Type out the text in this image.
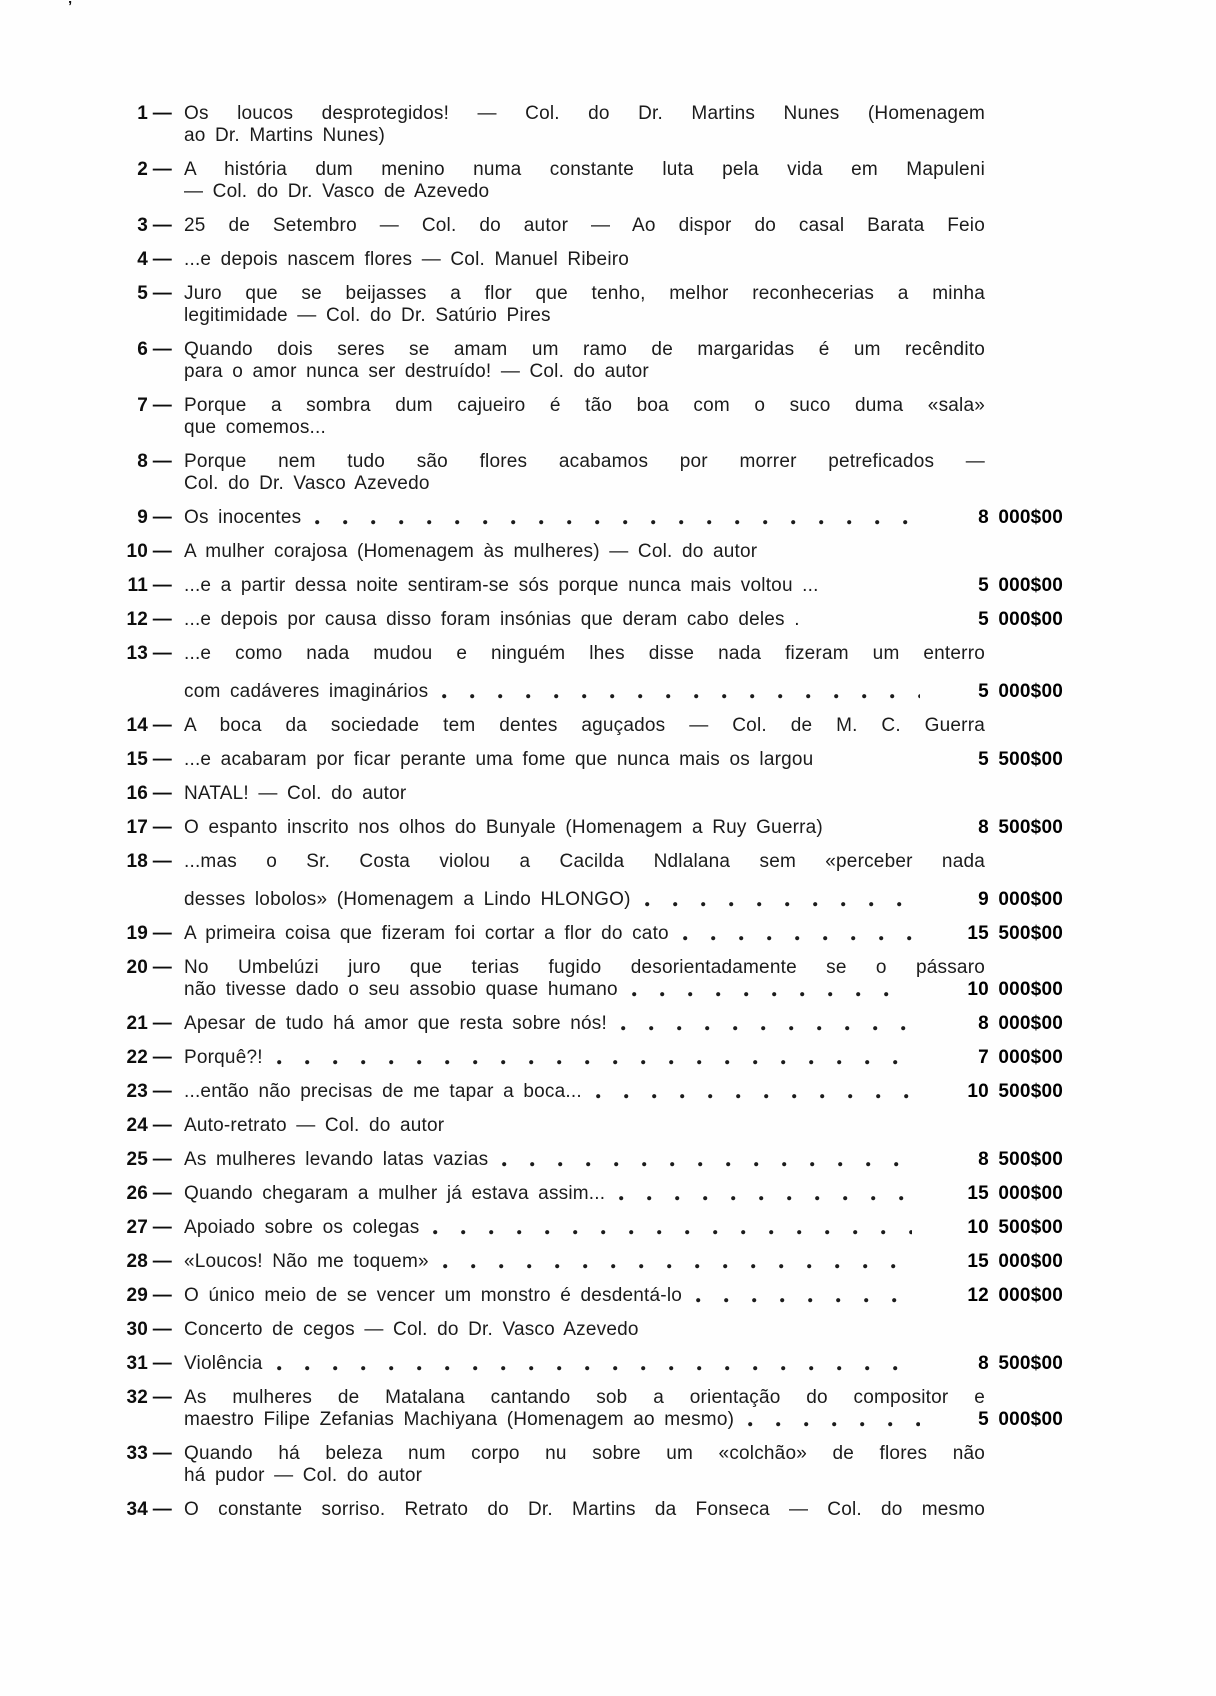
’
1 — Os loucos desprotegidos! — Col. do Dr. Martins Nunes (Homenagem
ao Dr. Martins Nunes)
2 — A história dum menino numa constante luta pela vida em Mapuleni
— Col. do Dr. Vasco de Azevedo
3 — 25 de Setembro — Col. do autor — Ao dispor do casal Barata Feio
4 — ...e depois nascem flores — Col. Manuel Ribeiro
5 — Juro que se beijasses a flor que tenho, melhor reconhecerias a minha
legitimidade — Col. do Dr. Satúrio Pires
6 — Quando dois seres se amam um ramo de margaridas é um recêndito
para o amor nunca ser destruído! — Col. do autor
7 — Porque a sombra dum cajueiro é tão boa com o suco duma «sala»
que comemos...
8 — Porque nem tudo são flores acabamos por morrer petreficados —
Col. do Dr. Vasco Azevedo
9 — Os inocentes	8 000$00
10 — A mulher corajosa (Homenagem às mulheres) — Col. do autor
11 — ...e a partir dessa noite sentiram-se sós porque nunca mais voltou ...	5 000$00
12 — ...e depois por causa disso foram insónias que deram cabo deles .	5 000$00
13 — ...e como nada mudou e ninguém lhes disse nada fizeram um enterro
com cadáveres imaginários	5 000$00
14 — A boca da sociedade tem dentes aguçados — Col. de M. C. Guerra
15 — ...e acabaram por ficar perante uma fome que nunca mais os largou	5 500$00
16 — NATAL! — Col. do autor
17 — O espanto inscrito nos olhos do Bunyale (Homenagem a Ruy Guerra)	8 500$00
18 — ...mas o Sr. Costa violou a Cacilda Ndlalana sem «perceber nada
desses lobolos» (Homenagem a Lindo HLONGO)	9 000$00
19 — A primeira coisa que fizeram foi cortar a flor do cato	15 500$00
20 — No Umbelúzi juro que terias fugido desorientadamente se o pássaro
não tivesse dado o seu assobio quase humano	10 000$00
21 — Apesar de tudo há amor que resta sobre nós!	8 000$00
22 — Porquê?!	7 000$00
23 — ...então não precisas de me tapar a boca...	10 500$00
24 — Auto-retrato — Col. do autor
25 — As mulheres levando latas vazias	8 500$00
26 — Quando chegaram a mulher já estava assim...	15 000$00
27 — Apoiado sobre os colegas	10 500$00
28 — «Loucos! Não me toquem»	15 000$00
29 — O único meio de se vencer um monstro é desdentá-lo	12 000$00
30 — Concerto de cegos — Col. do Dr. Vasco Azevedo
31 — Violência	8 500$00
32 — As mulheres de Matalana cantando sob a orientação do compositor e
maestro Filipe Zefanias Machiyana (Homenagem ao mesmo)	5 000$00
33 — Quando há beleza num corpo nu sobre um «colchão» de flores não
há pudor — Col. do autor
34 — O constante sorriso. Retrato do Dr. Martins da Fonseca — Col. do mesmo
